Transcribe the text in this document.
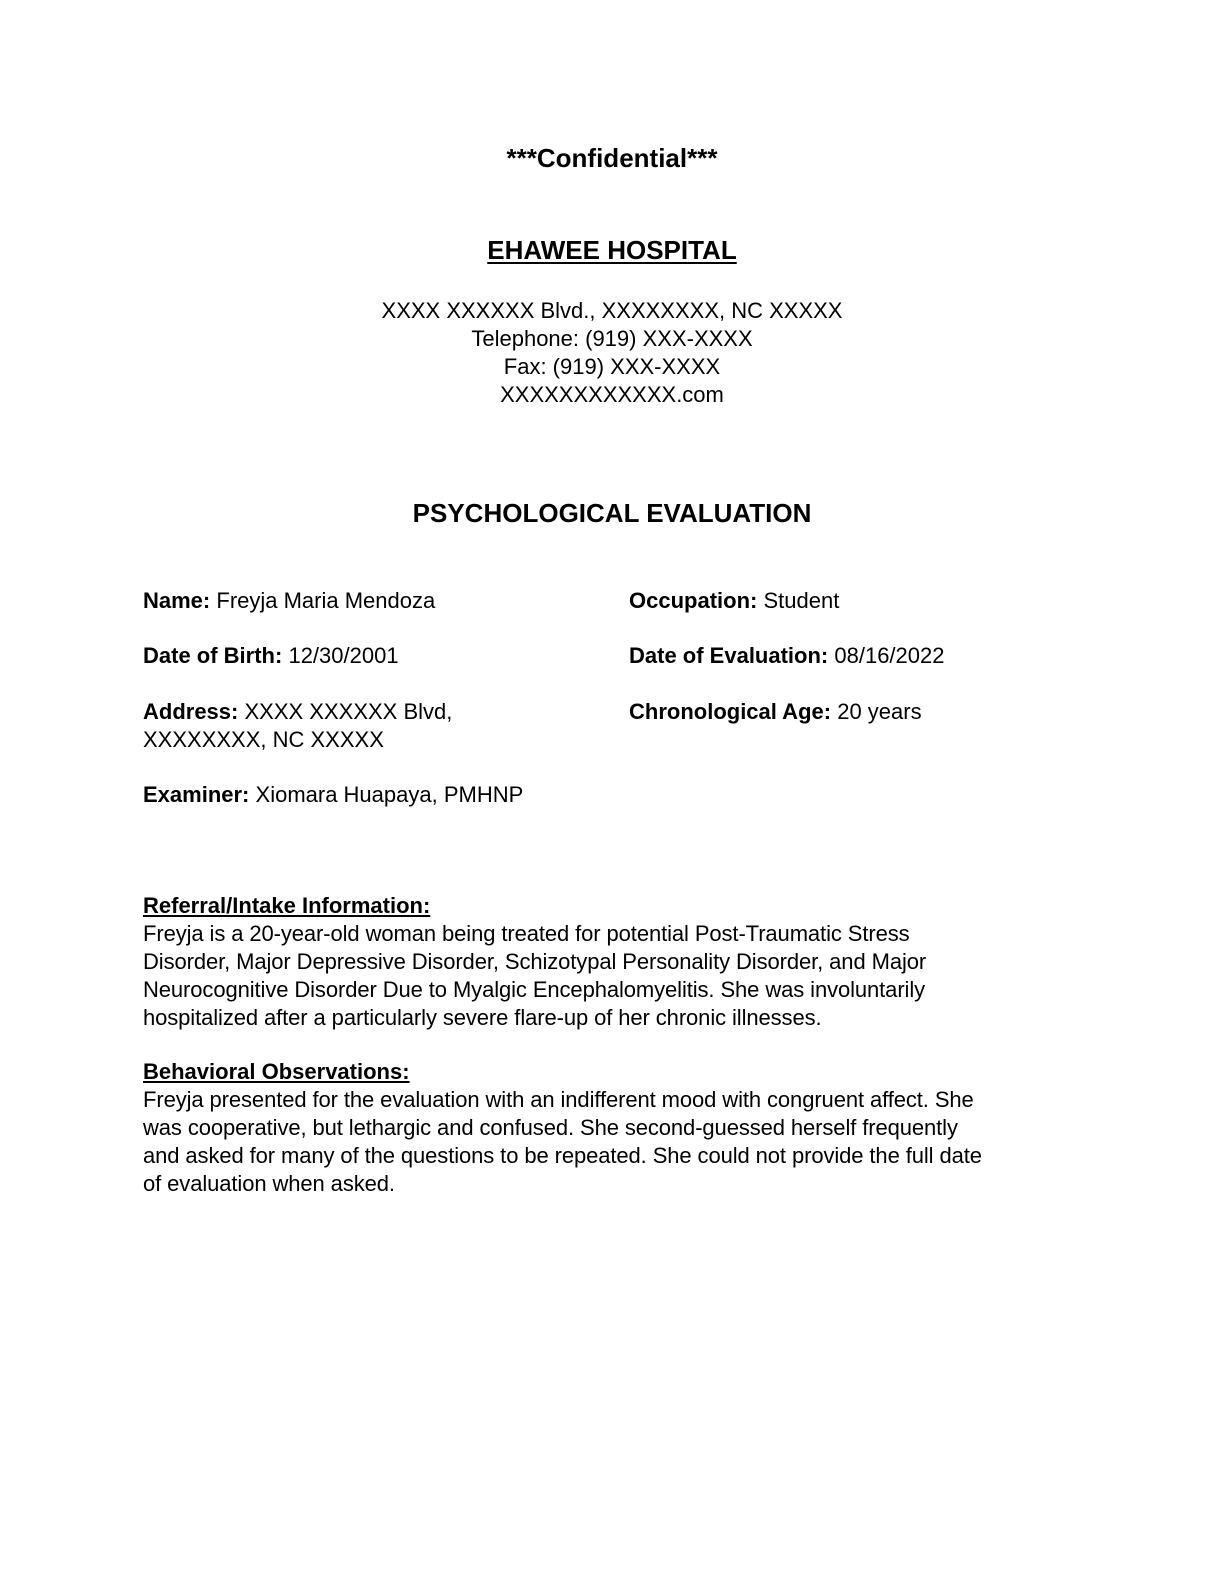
***Confidential***
EHAWEE HOSPITAL
XXXX XXXXXX Blvd., XXXXXXXX, NC XXXXX
Telephone: (919) XXX-XXXX
Fax: (919) XXX-XXXX
XXXXXXXXXXXX.com
PSYCHOLOGICAL EVALUATION
Name: Freyja Maria Mendoza
Date of Birth: 12/30/2001
Address: XXXX XXXXXX Blvd,
XXXXXXXX, NC XXXXX
Examiner: Xiomara Huapaya, PMHNP
Occupation: Student
Date of Evaluation: 08/16/2022
Chronological Age: 20 years
Referral/Intake Information:
Freyja is a 20-year-old woman being treated for potential Post-Traumatic Stress
Disorder, Major Depressive Disorder, Schizotypal Personality Disorder, and Major
Neurocognitive Disorder Due to Myalgic Encephalomyelitis. She was involuntarily
hospitalized after a particularly severe flare-up of her chronic illnesses.
Behavioral Observations:
Freyja presented for the evaluation with an indifferent mood with congruent affect. She
was cooperative, but lethargic and confused. She second-guessed herself frequently
and asked for many of the questions to be repeated. She could not provide the full date
of evaluation when asked.
